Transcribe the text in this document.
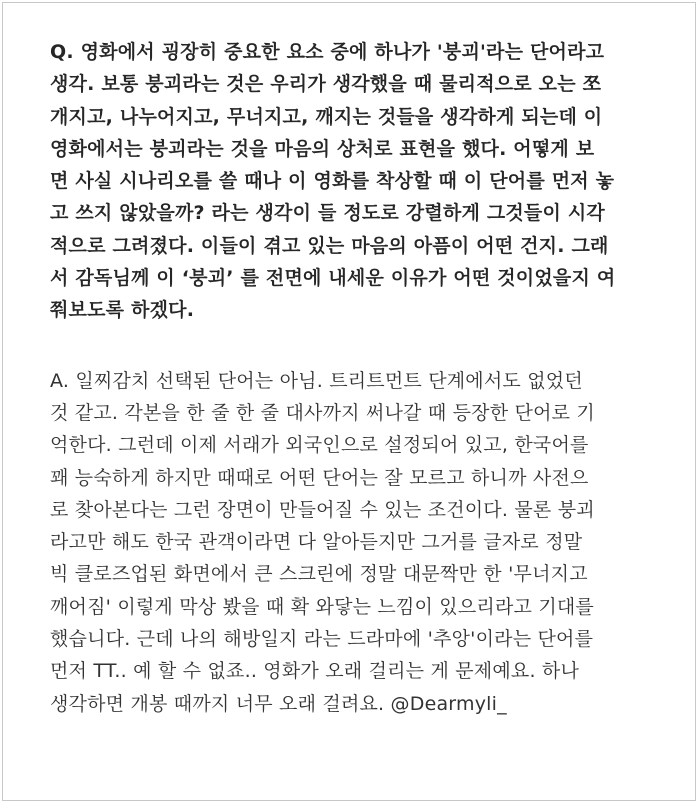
Q. 영화에서 굉장히 중요한 요소 중에 하나가 '붕괴'라는 단어라고
생각. 보통 붕괴라는 것은 우리가 생각했을 때 물리적으로 오는 쪼
개지고, 나누어지고, 무너지고, 깨지는 것들을 생각하게 되는데 이
영화에서는 붕괴라는 것을 마음의 상처로 표현을 했다. 어떻게 보
면 사실 시나리오를 쓸 때나 이 영화를 착상할 때 이 단어를 먼저 놓
고 쓰지 않았을까? 라는 생각이 들 정도로 강렬하게 그것들이 시각
적으로 그려졌다. 이들이 겪고 있는 마음의 아픔이 어떤 건지. 그래
서 감독님께 이 ‘붕괴’ 를 전면에 내세운 이유가 어떤 것이었을지 여
쭤보도록 하겠다.
A. 일찌감치 선택된 단어는 아님. 트리트먼트 단계에서도 없었던
것 같고. 각본을 한 줄 한 줄 대사까지 써나갈 때 등장한 단어로 기
억한다. 그런데 이제 서래가 외국인으로 설정되어 있고, 한국어를
꽤 능숙하게 하지만 때때로 어떤 단어는 잘 모르고 하니까 사전으
로 찾아본다는 그런 장면이 만들어질 수 있는 조건이다. 물론 붕괴
라고만 해도 한국 관객이라면 다 알아듣지만 그거를 글자로 정말
빅 클로즈업된 화면에서 큰 스크린에 정말 대문짝만 한 '무너지고
깨어짐' 이렇게 막상 봤을 때 확 와닿는 느낌이 있으리라고 기대를
했습니다. 근데 나의 해방일지 라는 드라마에 '추앙'이라는 단어를
먼저 TT.. 예 할 수 없죠.. 영화가 오래 걸리는 게 문제예요. 하나
생각하면 개봉 때까지 너무 오래 걸려요. @Dearmyli_
